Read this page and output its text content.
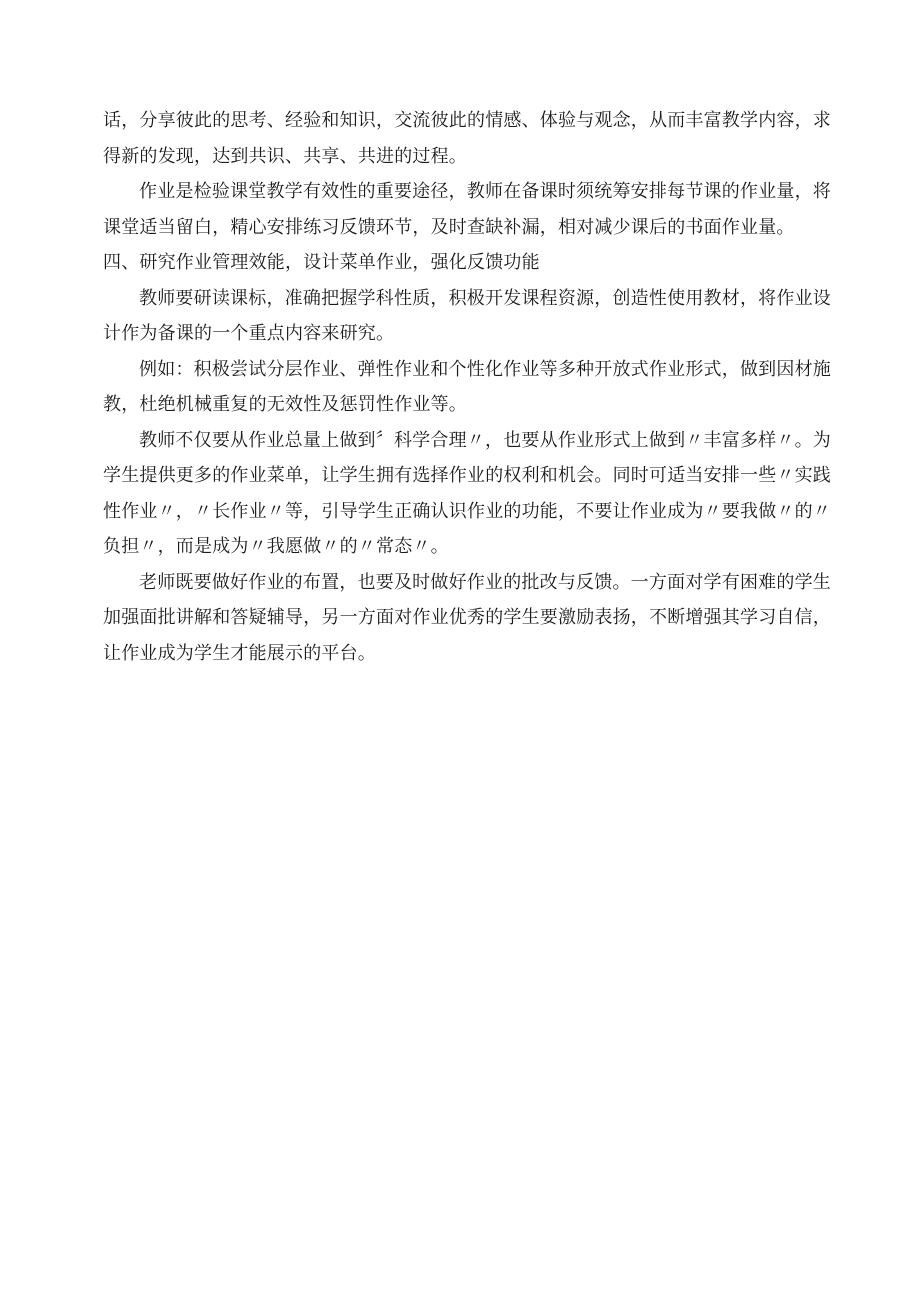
话，分享彼此的思考、经验和知识，交流彼此的情感、体验与观念，从而丰富教学内容，求得新的发现，达到共识、共享、共进的过程。

作业是检验课堂教学有效性的重要途径，教师在备课时须统筹安排每节课的作业量，将课堂适当留白，精心安排练习反馈环节，及时查缺补漏，相对减少课后的书面作业量。

四、研究作业管理效能，设计菜单作业，强化反馈功能

教师要研读课标，准确把握学科性质，积极开发课程资源，创造性使用教材，将作业设计作为备课的一个重点内容来研究。

例如：积极尝试分层作业、弹性作业和个性化作业等多种开放式作业形式，做到因材施教，杜绝机械重复的无效性及惩罚性作业等。

教师不仅要从作业总量上做到〞科学合理〃，也要从作业形式上做到〃丰富多样〃。为学生提供更多的作业菜单，让学生拥有选择作业的权利和机会。同时可适当安排一些〃实践性作业〃，〃长作业〃等，引导学生正确认识作业的功能，不要让作业成为〃要我做〃的〃负担〃，而是成为〃我愿做〃的〃常态〃。

老师既要做好作业的布置，也要及时做好作业的批改与反馈。一方面对学有困难的学生加强面批讲解和答疑辅导，另一方面对作业优秀的学生要激励表扬，不断增强其学习自信，让作业成为学生才能展示的平台。
